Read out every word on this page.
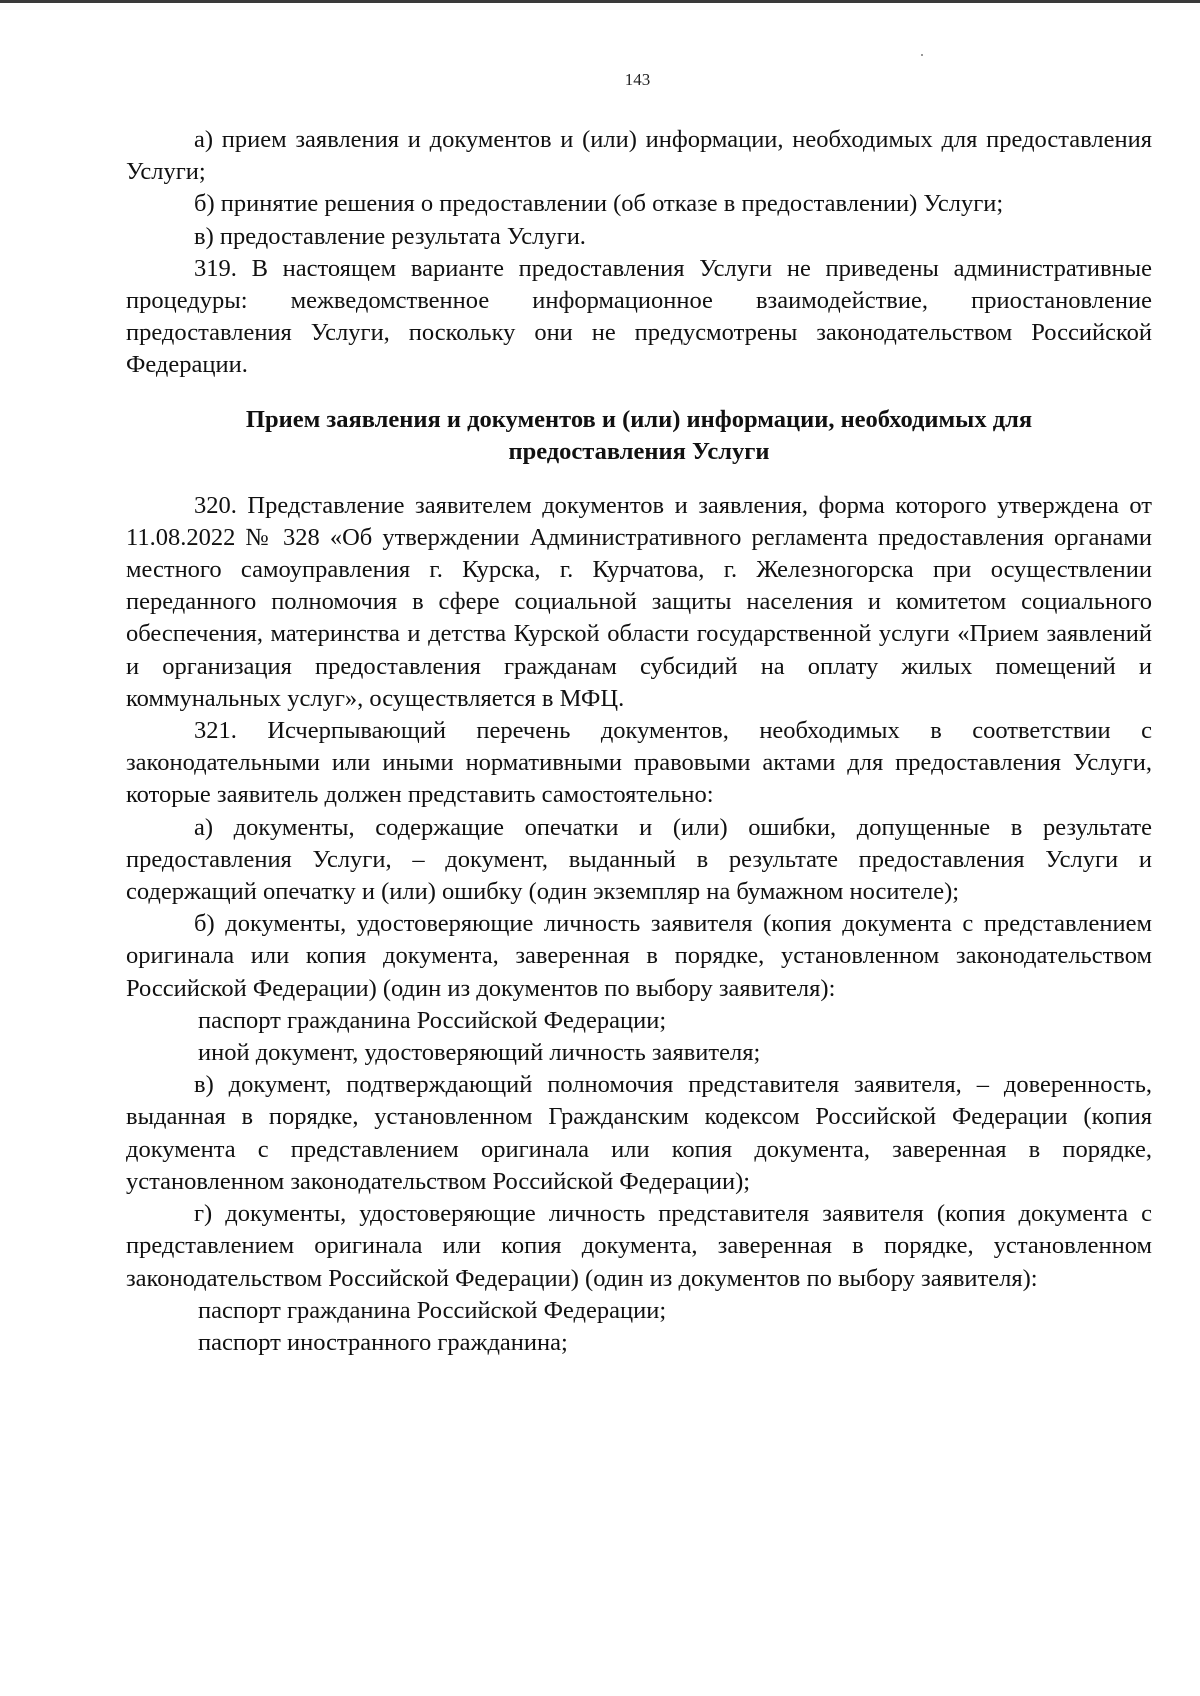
143

а) прием заявления и документов и (или) информации, необходимых для предоставления Услуги;

б) принятие решения о предоставлении (об отказе в предоставлении) Услуги;

в) предоставление результата Услуги.

319. В настоящем варианте предоставления Услуги не приведены административные процедуры: межведомственное информационное взаимодействие, приостановление предоставления Услуги, поскольку они не предусмотрены законодательством Российской Федерации.

Прием заявления и документов и (или) информации, необходимых для
предоставления Услуги

320. Представление заявителем документов и заявления, форма которого утверждена от 11.08.2022 № 328 «Об утверждении Административного регламента предоставления органами местного самоуправления г. Курска, г. Курчатова, г. Железногорска при осуществлении переданного полномочия в сфере социальной защиты населения и комитетом социального обеспечения, материнства и детства Курской области государственной услуги «Прием заявлений и организация предоставления гражданам субсидий на оплату жилых помещений и коммунальных услуг», осуществляется в МФЦ.

321. Исчерпывающий перечень документов, необходимых в соответствии с законодательными или иными нормативными правовыми актами для предоставления Услуги, которые заявитель должен представить самостоятельно:

а) документы, содержащие опечатки и (или) ошибки, допущенные в результате предоставления Услуги, – документ, выданный в результате предоставления Услуги и содержащий опечатку и (или) ошибку (один экземпляр на бумажном носителе);

б) документы, удостоверяющие личность заявителя (копия документа с представлением оригинала или копия документа, заверенная в порядке, установленном законодательством Российской Федерации) (один из документов по выбору заявителя):

паспорт гражданина Российской Федерации;

иной документ, удостоверяющий личность заявителя;

в) документ, подтверждающий полномочия представителя заявителя, – доверенность, выданная в порядке, установленном Гражданским кодексом Российской Федерации (копия документа с представлением оригинала или копия документа, заверенная в порядке, установленном законодательством Российской Федерации);

г) документы, удостоверяющие личность представителя заявителя (копия документа с представлением оригинала или копия документа, заверенная в порядке, установленном законодательством Российской Федерации) (один из документов по выбору заявителя):

паспорт гражданина Российской Федерации;

паспорт иностранного гражданина;
